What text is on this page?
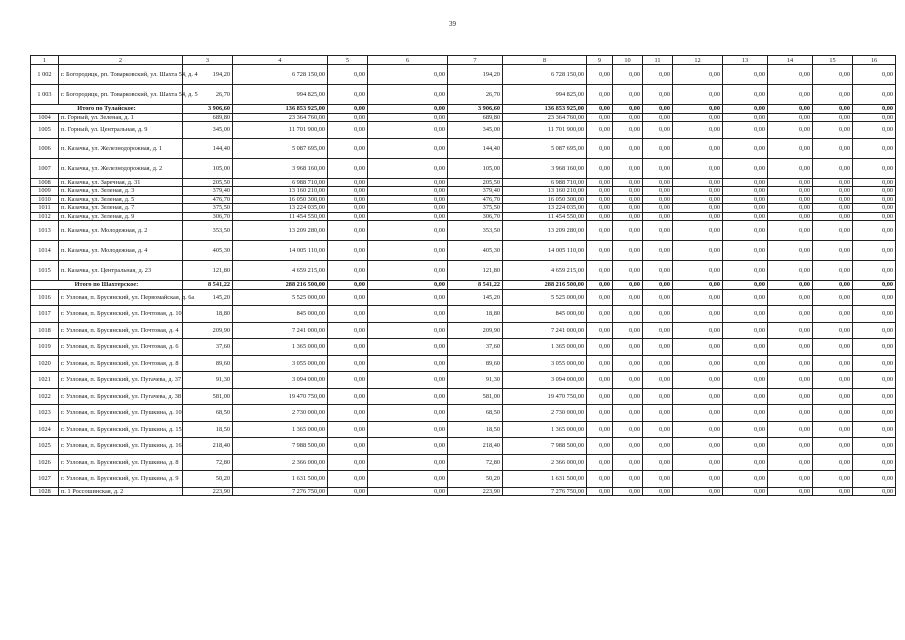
39
1	2	3	4	5	6	7	8	9	10	11	12	13	14	15	16
1 002	г. Богородицк, рп. Товарковский, ул. Шахта 54, д. 4	194,20	6 728 150,00	0,00	0,00	194,20	6 728 150,00	0,00	0,00	0,00	0,00	0,00	0,00	0,00	0,00
1 003	г. Богородицк, рп. Товарковский, ул. Шахта 54, д. 5	26,70	994 825,00	0,00	0,00	26,70	994 825,00	0,00	0,00	0,00	0,00	0,00	0,00	0,00	0,00
Итого по Тулайское:		3 906,60	136 853 925,00	0,00	0,00	3 906,60	136 853 925,00	0,00	0,00	0,00	0,00	0,00	0,00	0,00	0,00
1004	п. Горный, ул. Зеленая, д. 1	689,80	23 364 760,00	0,00	0,00	689,80	23 364 760,00	0,00	0,00	0,00	0,00	0,00	0,00	0,00	0,00
1005	п. Горный, ул. Центральная, д. 9	345,00	11 701 900,00	0,00	0,00	345,00	11 701 900,00	0,00	0,00	0,00	0,00	0,00	0,00	0,00	0,00
1006	п. Казачка, ул. Железнодорожная, д. 1	144,40	5 087 695,00	0,00	0,00	144,40	5 087 695,00	0,00	0,00	0,00	0,00	0,00	0,00	0,00	0,00
1007	п. Казачка, ул. Железнодорожная, д. 2	105,00	3 968 160,00	0,00	0,00	105,00	3 968 160,00	0,00	0,00	0,00	0,00	0,00	0,00	0,00	0,00
1008	п. Казачка, ул. Заречная, д. 31	205,50	6 988 710,00	0,00	0,00	205,50	6 988 710,00	0,00	0,00	0,00	0,00	0,00	0,00	0,00	0,00
1009	п. Казачка, ул. Зеленая, д. 3	379,40	13 160 210,00	0,00	0,00	379,40	13 160 210,00	0,00	0,00	0,00	0,00	0,00	0,00	0,00	0,00
1010	п. Казачка, ул. Зеленая, д. 5	476,70	16 050 300,00	0,00	0,00	476,70	16 050 300,00	0,00	0,00	0,00	0,00	0,00	0,00	0,00	0,00
1011	п. Казачка, ул. Зеленая, д. 7	375,50	13 224 035,00	0,00	0,00	375,50	13 224 035,00	0,00	0,00	0,00	0,00	0,00	0,00	0,00	0,00
1012	п. Казачка, ул. Зеленая, д. 9	306,70	11 454 550,00	0,00	0,00	306,70	11 454 550,00	0,00	0,00	0,00	0,00	0,00	0,00	0,00	0,00
1013	п. Казачка, ул. Молодежная, д. 2	353,50	13 209 280,00	0,00	0,00	353,50	13 209 280,00	0,00	0,00	0,00	0,00	0,00	0,00	0,00	0,00
1014	п. Казачка, ул. Молодежная, д. 4	405,30	14 005 110,00	0,00	0,00	405,30	14 005 110,00	0,00	0,00	0,00	0,00	0,00	0,00	0,00	0,00
1015	п. Казачка, ул. Центральная, д. 23	121,80	4 659 215,00	0,00	0,00	121,80	4 659 215,00	0,00	0,00	0,00	0,00	0,00	0,00	0,00	0,00
Итого по Шахтерское:		8 541,22	288 216 500,00	0,00	0,00	8 541,22	288 216 500,00	0,00	0,00	0,00	0,00	0,00	0,00	0,00	0,00
1016	г. Узловая, п. Брусянский, ул. Первомайская, д. 6а	145,20	5 525 000,00	0,00	0,00	145,20	5 525 000,00	0,00	0,00	0,00	0,00	0,00	0,00	0,00	0,00
1017	г. Узловая, п. Брусянский, ул. Почтовая, д. 10	18,80	845 000,00	0,00	0,00	18,80	845 000,00	0,00	0,00	0,00	0,00	0,00	0,00	0,00	0,00
1018	г. Узловая, п. Брусянский, ул. Почтовая, д. 4	209,90	7 241 000,00	0,00	0,00	209,90	7 241 000,00	0,00	0,00	0,00	0,00	0,00	0,00	0,00	0,00
1019	г. Узловая, п. Брусянский, ул. Почтовая, д. 6	37,60	1 365 000,00	0,00	0,00	37,60	1 365 000,00	0,00	0,00	0,00	0,00	0,00	0,00	0,00	0,00
1020	г. Узловая, п. Брусянский, ул. Почтовая, д. 8	89,60	3 055 000,00	0,00	0,00	89,60	3 055 000,00	0,00	0,00	0,00	0,00	0,00	0,00	0,00	0,00
1021	г. Узловая, п. Брусянский, ул. Пугачева, д. 37	91,30	3 094 000,00	0,00	0,00	91,30	3 094 000,00	0,00	0,00	0,00	0,00	0,00	0,00	0,00	0,00
1022	г. Узловая, п. Брусянский, ул. Пугачева, д. 38	581,00	19 470 750,00	0,00	0,00	581,00	19 470 750,00	0,00	0,00	0,00	0,00	0,00	0,00	0,00	0,00
1023	г. Узловая, п. Брусянский, ул. Пушкина, д. 10	68,50	2 730 000,00	0,00	0,00	68,50	2 730 000,00	0,00	0,00	0,00	0,00	0,00	0,00	0,00	0,00
1024	г. Узловая, п. Брусянский, ул. Пушкина, д. 15	18,50	1 365 000,00	0,00	0,00	18,50	1 365 000,00	0,00	0,00	0,00	0,00	0,00	0,00	0,00	0,00
1025	г. Узловая, п. Брусянский, ул. Пушкина, д. 16	218,40	7 988 500,00	0,00	0,00	218,40	7 988 500,00	0,00	0,00	0,00	0,00	0,00	0,00	0,00	0,00
1026	г. Узловая, п. Брусянский, ул. Пушкина, д. 8	72,80	2 366 000,00	0,00	0,00	72,80	2 366 000,00	0,00	0,00	0,00	0,00	0,00	0,00	0,00	0,00
1027	г. Узловая, п. Брусянский, ул. Пушкина, д. 9	50,20	1 631 500,00	0,00	0,00	50,20	1 631 500,00	0,00	0,00	0,00	0,00	0,00	0,00	0,00	0,00
1028	п. 1 Россошинская, д. 2	223,90	7 276 750,00	0,00	0,00	223,90	7 276 750,00	0,00	0,00	0,00	0,00	0,00	0,00	0,00	0,00
